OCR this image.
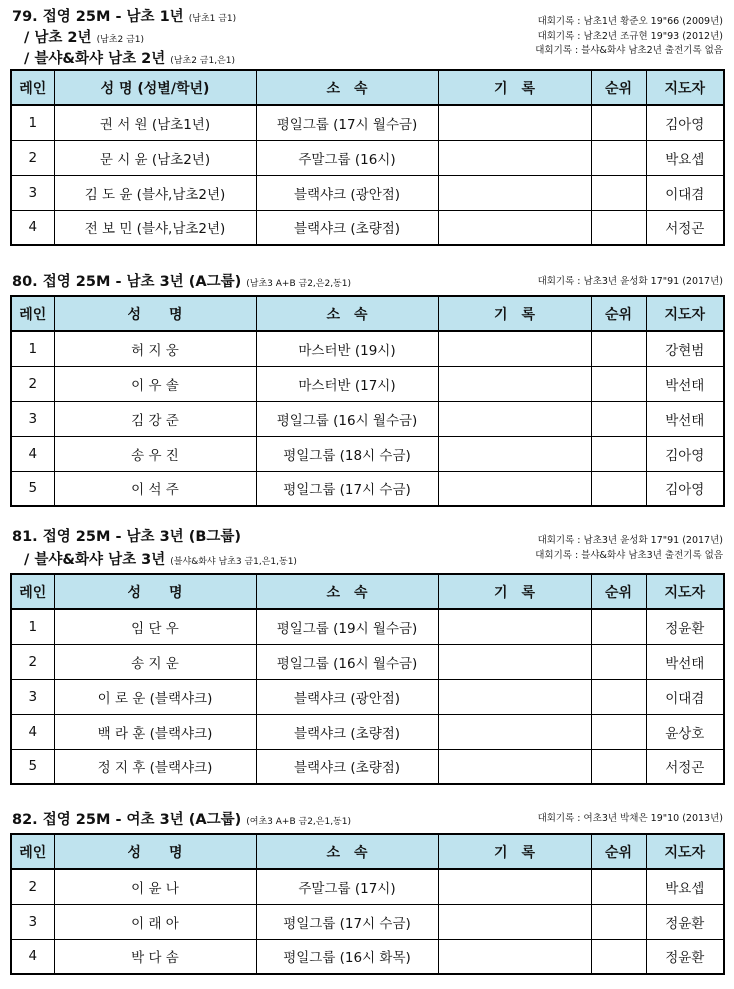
79. 접영 25M - 남초 1년 (남초1 금1)
/ 남초 2년 (남초2 금1)
/ 블샤&화샤 남초 2년 (남초2 금1,은1)
대회기록 : 남초1년 황준오 19"66 (2009년)
대회기록 : 남초2년 조규현 19"93 (2012년)
대회기록 : 블샤&화샤 남초2년 출전기록 없음
레인	성 명 (성별/학년)	소　속	기　록	순위	지도자
1	권 서 원 (남초1년)	평일그룹 (17시 월수금)			김아영
2	문 시 윤 (남초2년)	주말그룹 (16시)			박요셉
3	김 도 윤 (블샤,남초2년)	블랙샤크 (광안점)			이대겸
4	전 보 민 (블샤,남초2년)	블랙샤크 (초량점)			서정곤
80. 접영 25M - 남초 3년 (A그룹) (남초3 A+B 금2,은2,동1)	대회기록 : 남초3년 윤성화 17"91 (2017년)
레인	성　　명	소　속	기　록	순위	지도자
1	허 지 웅	마스터반 (19시)			강현범
2	이 우 솔	마스터반 (17시)			박선태
3	김 강 준	평일그룹 (16시 월수금)			박선태
4	송 우 진	평일그룹 (18시 수금)			김아영
5	이 석 주	평일그룹 (17시 수금)			김아영
81. 접영 25M - 남초 3년 (B그룹)
/ 블샤&화샤 남초 3년 (블샤&화샤 남초3 금1,은1,동1)
대회기록 : 남초3년 윤성화 17"91 (2017년)
대회기록 : 블샤&화샤 남초3년 출전기록 없음
레인	성　　명	소　속	기　록	순위	지도자
1	임 단 우	평일그룹 (19시 월수금)			정윤환
2	송 지 운	평일그룹 (16시 월수금)			박선태
3	이 로 운 (블랙샤크)	블랙샤크 (광안점)			이대겸
4	백 라 훈 (블랙샤크)	블랙샤크 (초량점)			윤상호
5	정 지 후 (블랙샤크)	블랙샤크 (초량점)			서정곤
82. 접영 25M - 여초 3년 (A그룹) (여초3 A+B 금2,은1,동1)	대회기록 : 여초3년 박채은 19"10 (2013년)
레인	성　　명	소　속	기　록	순위	지도자
2	이 윤 나	주말그룹 (17시)			박요셉
3	이 래 아	평일그룹 (17시 수금)			정윤환
4	박 다 솜	평일그룹 (16시 화목)			정윤환
